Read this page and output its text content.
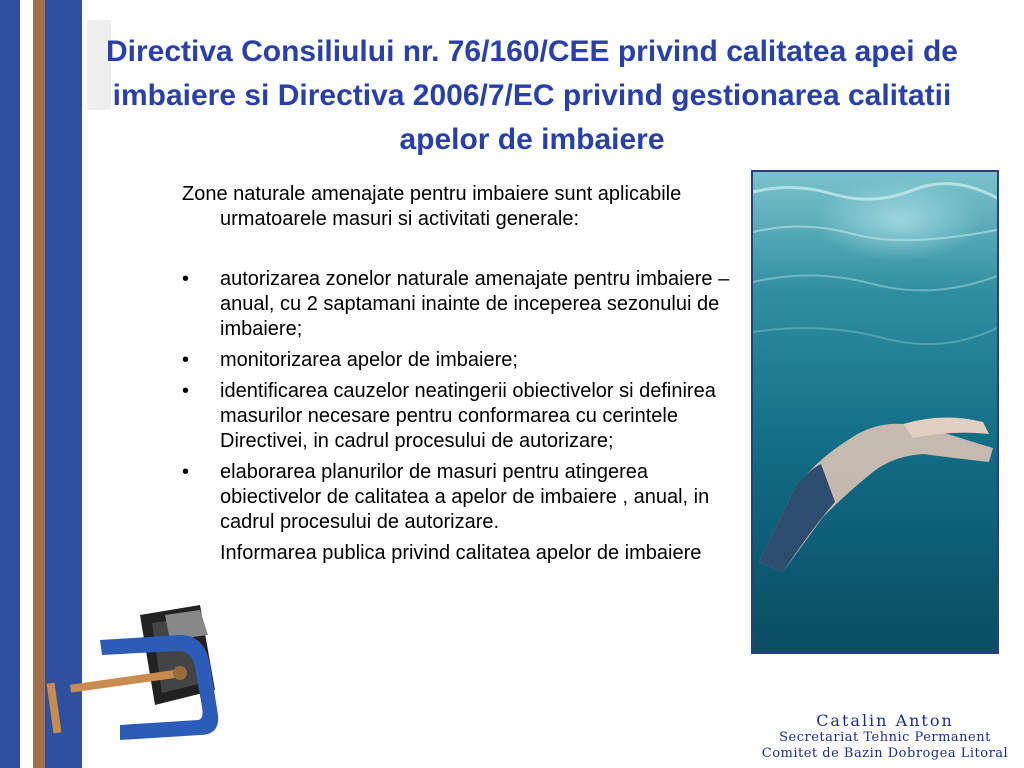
Directiva Consiliului nr. 76/160/CEE privind calitatea apei de imbaiere si Directiva 2006/7/EC privind gestionarea calitatii apelor de imbaiere

Zone naturale amenajate pentru imbaiere sunt aplicabile urmatoarele masuri si activitati generale:

• autorizarea zonelor naturale amenajate pentru imbaiere – anual, cu 2 saptamani inainte de inceperea sezonului de imbaiere;
• monitorizarea apelor de imbaiere;
• identificarea cauzelor neatingerii obiectivelor si definirea masurilor necesare pentru conformarea cu cerintele Directivei, in cadrul procesului de autorizare;
• elaborarea planurilor de masuri pentru atingerea obiectivelor de calitatea a apelor de imbaiere , anual, in cadrul procesului de autorizare.
Informarea publica privind calitatea apelor de imbaiere
Catalin Anton
Secretariat Tehnic Permanent
Comitet de Bazin Dobrogea Litoral
